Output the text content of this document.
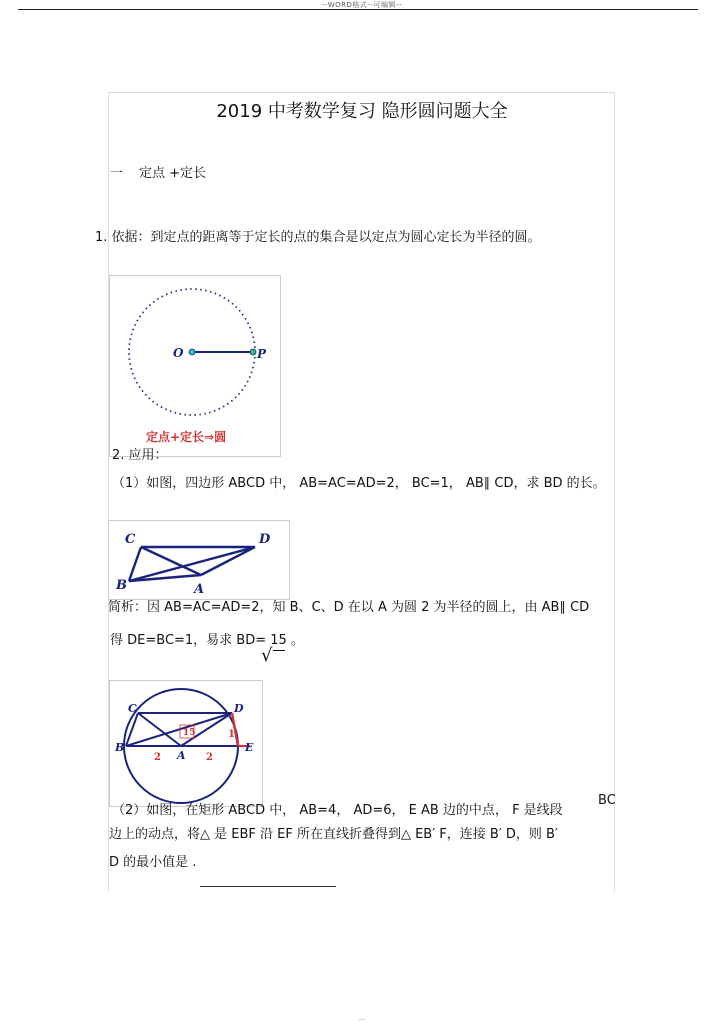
--WORD格式--可编辑--
2019 中考数学复习 隐形圆问题大全
一 定点 +定长
1. 依据：到定点的距离等于定长的点的集合是以定点为圆心定长为半径的圆。
O	P
定点+定长⇒圆
2. 应用：
（1）如图，四边形 ABCD 中， AB=AC=AD=2， BC=1， AB∥ CD，求 BD 的长。
C	D
B	A
简析：因 AB=AC=AD=2，知 B、C、D 在以 A 为圆 2 为半径的圆上，由 AB∥ CD
得 DE=BC=1，易求 BD= 15 。
√
C	D
B
A
E
2	2
1
15
（2）如图，在矩形 ABCD 中， AB=4， AD=6， E AB 边的中点， F 是线段
BC
边上的动点，将△ 是 EBF 沿 EF 所在直线折叠得到△ EB′ F，连接 B′ D，则 B′
D 的最小值是 .
---
